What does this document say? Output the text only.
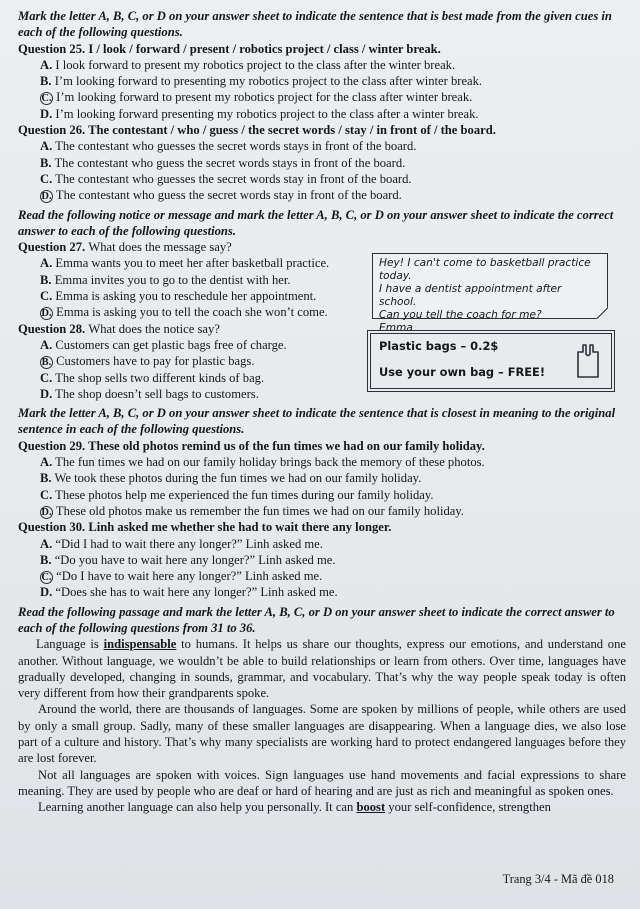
Mark the letter A, B, C, or D on your answer sheet to indicate the sentence that is best made from the given cues in each of the following questions.
Question 25. I / look / forward / present / robotics project / class / winter break.
A. I look forward to present my robotics project to the class after the winter break.
B. I’m looking forward to presenting my robotics project to the class after winter break.
C. I’m looking forward to present my robotics project for the class after winter break.
D. I’m looking forward presenting my robotics project to the class after a winter break.
Question 26. The contestant / who / guess / the secret words / stay / in front of / the board.
A. The contestant who guesses the secret words stays in front of the board.
B. The contestant who guess the secret words stays in front of the board.
C. The contestant who guesses the secret words stay in front of the board.
D. The contestant who guess the secret words stay in front of the board.
Read the following notice or message and mark the letter A, B, C, or D on your answer sheet to indicate the correct answer to each of the following questions.
Question 27. What does the message say?
A. Emma wants you to meet her after basketball practice.
B. Emma invites you to go to the dentist with her.
C. Emma is asking you to reschedule her appointment.
D. Emma is asking you to tell the coach she won’t come.
Hey! I can't come to basketball practice today.
I have a dentist appointment after school.
Can you tell the coach for me?
Emma
Question 28. What does the notice say?
A. Customers can get plastic bags free of charge.
B. Customers have to pay for plastic bags.
C. The shop sells two different kinds of bag.
D. The shop doesn’t sell bags to customers.
Plastic bags – 0.2$
Use your own bag – FREE!
Mark the letter A, B, C, or D on your answer sheet to indicate the sentence that is closest in meaning to the original sentence in each of the following questions.
Question 29. These old photos remind us of the fun times we had on our family holiday.
A. The fun times we had on our family holiday brings back the memory of these photos.
B. We took these photos during the fun times we had on our family holiday.
C. These photos help me experienced the fun times during our family holiday.
D. These old photos make us remember the fun times we had on our family holiday.
Question 30. Linh asked me whether she had to wait there any longer.
A. “Did I had to wait there any longer?” Linh asked me.
B. “Do you have to wait here any longer?” Linh asked me.
C. “Do I have to wait here any longer?” Linh asked me.
D. “Does she has to wait here any longer?” Linh asked me.
Read the following passage and mark the letter A, B, C, or D on your answer sheet to indicate the correct answer to each of the following questions from 31 to 36.
Language is indispensable to humans. It helps us share our thoughts, express our emotions, and understand one another. Without language, we wouldn’t be able to build relationships or learn from others. Over time, languages have gradually developed, changing in sounds, grammar, and vocabulary. That’s why the way people speak today is often very different from how their grandparents spoke.
Around the world, there are thousands of languages. Some are spoken by millions of people, while others are used by only a small group. Sadly, many of these smaller languages are disappearing. When a language dies, we also lose part of a culture and history. That’s why many specialists are working hard to protect endangered languages before they are lost forever.
Not all languages are spoken with voices. Sign languages use hand movements and facial expressions to share meaning. They are used by people who are deaf or hard of hearing and are just as rich and meaningful as spoken ones.
Learning another language can also help you personally. It can boost your self-confidence, strengthen
Trang 3/4 - Mã đề 018
